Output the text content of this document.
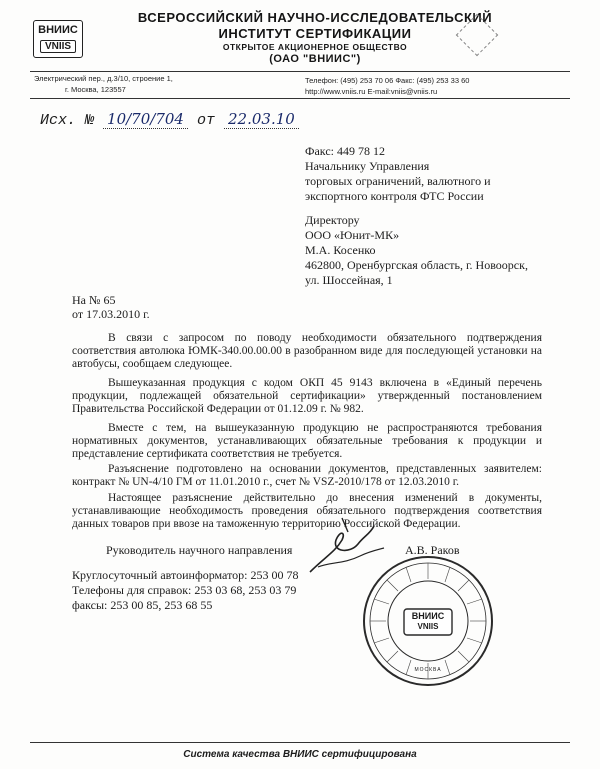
ВНИИС
VNIIS
ВСЕРОССИЙСКИЙ НАУЧНО-ИССЛЕДОВАТЕЛЬСКИЙ
ИНСТИТУТ СЕРТИФИКАЦИИ
ОТКРЫТОЕ АКЦИОНЕРНОЕ ОБЩЕСТВО
(ОАО "ВНИИС")
Электрический пер., д.3/10, строение 1,
г. Москва, 123557
Телефон: (495) 253 70 06 Факс: (495) 253 33 60
http://www.vniis.ru E-mail:vniis@vniis.ru
Исх. № 10/70/704 от 22.03.10
Факс: 449 78 12
Начальнику Управления
торговых ограничений, валютного и
экспортного контроля ФТС России
Директору
ООО «Юнит-МК»
М.А. Косенко
462800, Оренбургская область, г. Новоорск,
ул. Шоссейная, 1
На № 65
от 17.03.2010 г.
В связи с запросом по поводу необходимости обязательного подтверждения соответствия автолюка ЮМК-340.00.00.00 в разобранном виде для последующей установки на автобусы, сообщаем следующее.
Вышеуказанная продукция с кодом ОКП 45 9143 включена в «Единый перечень продукции, подлежащей обязательной сертификации» утвержденный постановлением Правительства Российской Федерации от 01.12.09 г. № 982.
Вместе с тем, на вышеуказанную продукцию не распространяются требования нормативных документов, устанавливающих обязательные требования к продукции и представление сертификата соответствия не требуется.
Разъяснение подготовлено на основании документов, представленных заявителем: контракт № UN-4/10 ГМ от 11.01.2010 г., счет № VSZ-2010/178 от 12.03.2010 г.
Настоящее разъяснение действительно до внесения изменений в документы, устанавливающие необходимость проведения обязательного подтверждения соответствия данных товаров при ввозе на таможенную территорию Российской Федерации.
Руководитель научного направления	А.В. Раков
ВНИИС
VNIIS
МОСКВА
Круглосуточный автоинформатор: 253 00 78
Телефоны для справок: 253 03 68, 253 03 79
факсы: 253 00 85, 253 68 55
Система качества ВНИИС сертифицирована
